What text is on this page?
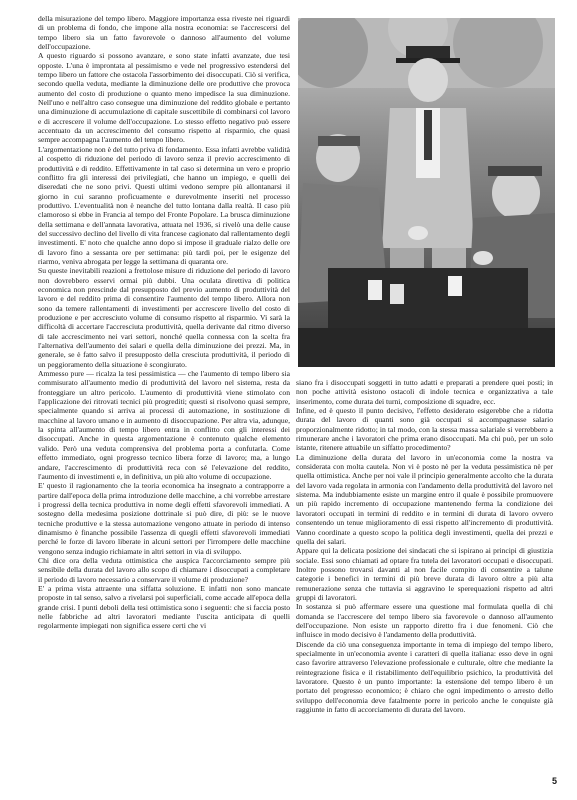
della misurazione del tempo libero. Maggiore importanza essa riveste nei riguardi di un problema di fondo, che impone alla nostra economia: se l'accrescersi del tempo libero sia un fatto favorevole o dannoso all'aumento del volume dell'occupazione.

A questo riguardo si possono avanzare, e sono state infatti avanzate, due tesi opposte. L'una è improntata al pessimismo e vede nel progressivo estendersi del tempo libero un fattore che ostacola l'assorbimento dei disoccupati. Ciò si verifica, secondo quella veduta, mediante la diminuzione delle ore produttive che provoca aumento del costo di produzione o quanto meno impedisce la sua diminuzione. Nell'uno e nell'altro caso consegue una diminuzione del reddito globale e pertanto una diminuzione di accumulazione di capitale suscettibile di combinarsi col lavoro e di accrescere il volume dell'occupazione. Lo stesso effetto negativo può essere accentuato da un accrescimento del consumo rispetto al risparmio, che quasi sempre accompagna l'aumento del tempo libero.

L'argomentazione non è del tutto priva di fondamento. Essa infatti avrebbe validità al cospetto di riduzione del periodo di lavoro senza il previo accrescimento di produttività e di reddito. Effettivamente in tal caso si determina un vero e proprio conflitto fra gli interessi dei privilegiati, che hanno un impiego, e quelli dei diseredati che ne sono privi. Questi ultimi vedono sempre più allontanarsi il giorno in cui saranno proficuamente e durevolmente inseriti nel processo produttivo. L'eventualità non è neanche del tutto lontana dalla realtà. Il caso più clamoroso si ebbe in Francia al tempo del Fronte Popolare. La brusca diminuzione della settimana e dell'annata lavorativa, attuata nel 1936, si rivelò una delle cause del successivo declino del livello di vita francese cagionato dal rallentamento degli investimenti. E' noto che qualche anno dopo si impose il graduale rialzo delle ore di lavoro fino a sessanta ore per settimana: più tardi poi, per le esigenze del riarmo, venivа abrogata per legge la settimana di quaranta ore.

Su queste inevitabili reazioni a frettolose misure di riduzione del periodo di lavoro non dovrebbero esservi ormai più dubbi. Una oculata direttiva di politica economica non prescinde dal presupposto del previo aumento di produttività del lavoro e del reddito prima di consentire l'aumento del tempo libero. Allora non sono da temere rallentamenti di investimenti per accrescere livello del costo di produzione e per accresciuto volume di consumo rispetto al risparmio. Vi sarà la difficoltà di accertare l'accresciuta produttività, quella derivante dal ritmo diverso di tale accrescimento nei vari settori, nonché quella connessa con la scelta fra l'alternativa dell'aumento dei salari e quella della diminuzione dei prezzi. Ma, in generale, se è fatto salvo il presupposto della cresciuta produttività, il periodo di un peggioramento della situazione è scongiurato.

Ammesso pure — ricalza la tesi pessimistica — che l'aumento di tempo libero sia commisurato all'aumento medio di produttività del lavoro nel sistema, resta da fronteggiare un altro pericolo. L'aumento di produttività viene stimolato con l'applicazione dei ritrovati tecnici più progrediti; questi si risolvono quasi sempre, specialmente quando si arriva ai processi di automazione, in sostituzione di macchine al lavoro umano e in aumento di disoccupazione. Per altra via, adunque, la spinta all'aumento di tempo libero entra in conflitto con gli interessi dei disoccupati. Anche in questa argomentazione è contenuto qualche elemento valido. Però una veduta comprensiva del problema porta a confutarla. Come effetto immediato, ogni progresso tecnico libera forze di lavoro; ma, a lungo andare, l'accrescimento di produttività reca con sé l'elevazione del reddito, l'aumento di investimenti e, in definitiva, un più alto volume di occupazione.

E' questo il ragionamento che la teoria economica ha insegnato a contrapporre a partire dall'epoca della prima introduzione delle macchine, a chi vorrebbe arrestare i progressi della tecnica produttiva in nome degli effetti sfavorevoli immediati. A sostegno della medesima posizione dottrinale si può dire, di più: se le nuove tecniche produttive e la stessa automazione vengono attuate in periodo di intenso dinamismo è finanche possibile l'assenza di quegli effetti sfavorevoli immediati perché le forze di lavoro liberate in alcuni settori per l'irrompere delle macchine vengono senza indugio richiamate in altri settori in via di sviluppo.

Chi dice ora della veduta ottimistica che auspica l'accorciamento sempre più sensibile della durata del lavoro allo scopo di chiamare i disoccupati a completare il periodo di lavoro necessario a conservare il volume di produzione?

E' a prima vista attraente una siffatta soluzione. E infatti non sono mancate proposte in tal senso, salvo a rivelarsi poi superficiali, come accade all'epoca della grande crisi. I punti deboli della tesi ottimistica sono i seguenti: che si faccia posto nelle fabbriche ad altri lavoratori mediante l'uscita anticipata di quelli regolarmente impiegati non significa essere certi che vi

siano fra i disoccupati soggetti in tutto adatti e preparati a prendere quei posti; in non poche attività esistono ostacoli di indole tecnica e organizzativa a tale inserimento, come durata dei turni, composizione di squadre, ecc.

Infine, ed è questo il punto decisivo, l'effetto desiderato esigerebbe che a ridotta durata del lavoro di quanti sono già occupati si accompagnasse salario proporzionalmente ridotto; in tal modo, con la stessa massa salariale si verrebbero a rimunerare anche i lavoratori che prima erano disoccupati. Ma chi può, per un solo istante, ritenere attuabile un siffatto procedimento?

La diminuzione della durata del lavoro in un'economia come la nostra va considerata con molta cautela. Non vi è posto nè per la veduta pessimistica nè per quella ottimistica. Anche per noi vale il principio generalmente accolto che la durata del lavoro vada regolata in armonia con l'andamento della produttività del lavoro nel sistema. Ma indubbiamente esiste un margine entro il quale è possibile promuovere un più rapido incremento di occupazione mantenendo ferma la condizione dei lavoratori occupati in termini di reddito e in termini di durata di lavoro ovvero consentendo un tenue miglioramento di essi rispetto all'incremento di produttività. Vanno coordinate a questo scopo la politica degli investimenti, quella dei prezzi e quella dei salari.

Appare qui la delicata posizione dei sindacati che si ispirano ai principi di giustizia sociale. Essi sono chiamati ad optare fra tutela dei lavoratori occupati e disoccupati. Inoltre possono trovarsi davanti al non facile compito di consentire a talune categorie i benefici in termini di più breve durata di lavoro oltre a più alta remunerazione senza che tuttavia si aggravino le sperequazioni rispetto ad altri gruppi di lavoratori.

In sostanza si può affermare essere una questione mal formulata quella di chi domanda se l'accrescere del tempo libero sia favorevole o dannoso all'aumento dell'occupazione. Non esiste un rapporto diretto fra i due fenomeni. Ciò che influisce in modo decisivo è l'andamento della produttività.

Discende da ciò una conseguenza importante in tema di impiego del tempo libero, specialmente in un'economia avente i caratteri di quella italiana: esso deve in ogni caso favorire attraverso l'elevazione professionale e culturale, oltre che mediante la reintegrazione fisica e il ristabilimento dell'equilibrio psichico, la produttività del lavoratore. Questo è un punto importante: la estensione del tempo libero è un portato del progresso economico; è chiaro che ogni impedimento o arresto dello sviluppo dell'economia deve fatalmente porre in pericolo anche le conquiste già raggiunte in fatto di accorciamento di durata del lavoro.

5
